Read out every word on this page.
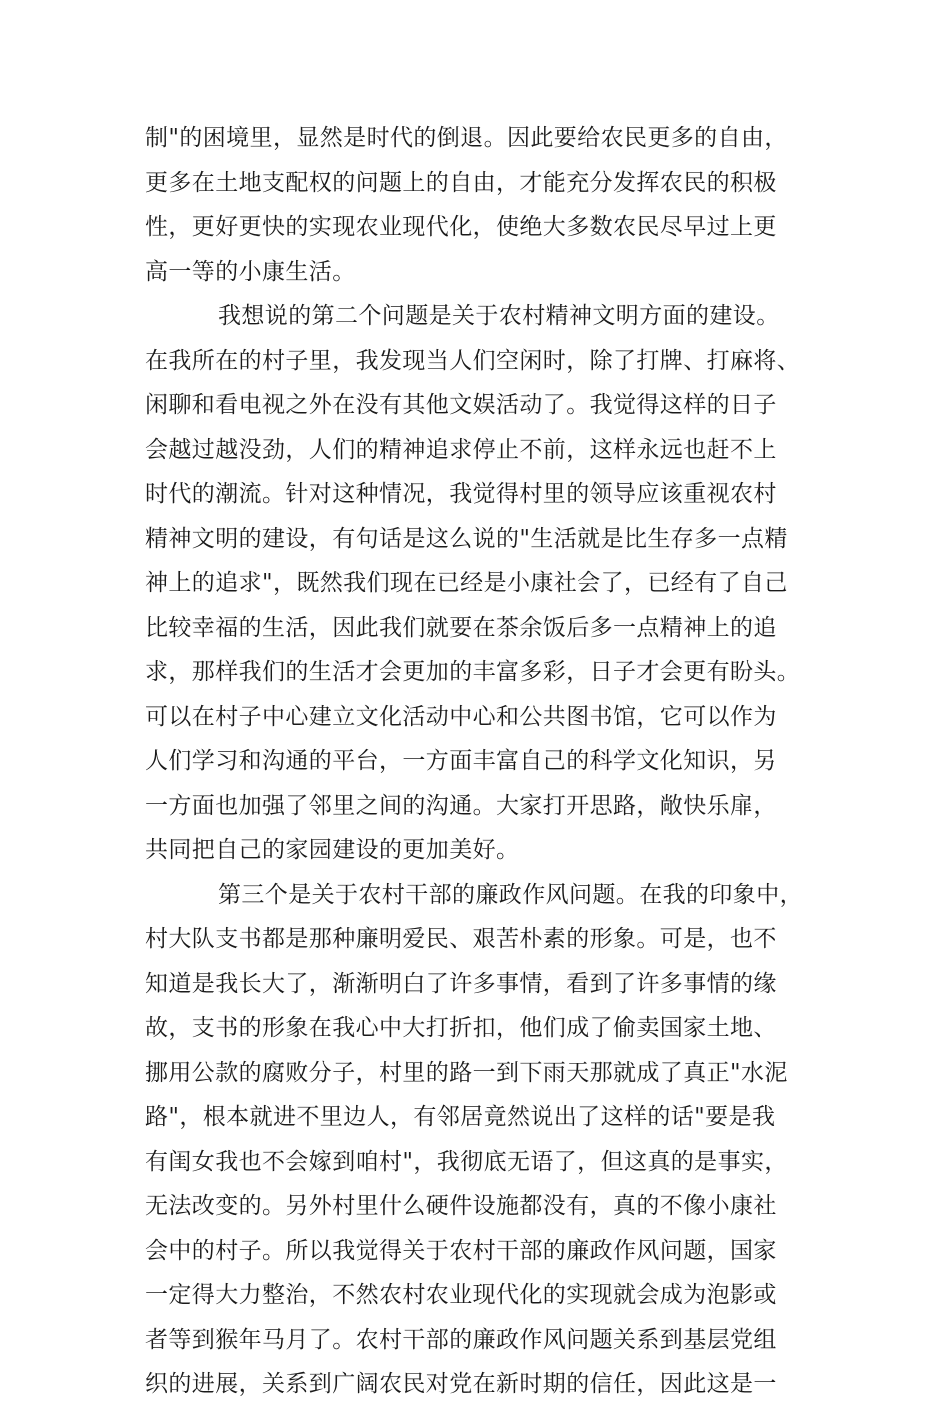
制"的困境里，显然是时代的倒退。因此要给农民更多的自由，
更多在土地支配权的问题上的自由，才能充分发挥农民的积极
性，更好更快的实现农业现代化，使绝大多数农民尽早过上更
高一等的小康生活。
我想说的第二个问题是关于农村精神文明方面的建设。
在我所在的村子里，我发现当人们空闲时，除了打牌、打麻将、
闲聊和看电视之外在没有其他文娱活动了。我觉得这样的日子
会越过越没劲，人们的精神追求停止不前，这样永远也赶不上
时代的潮流。针对这种情况，我觉得村里的领导应该重视农村
精神文明的建设，有句话是这么说的"生活就是比生存多一点精
神上的追求"，既然我们现在已经是小康社会了，已经有了自己
比较幸福的生活，因此我们就要在茶余饭后多一点精神上的追
求，那样我们的生活才会更加的丰富多彩，日子才会更有盼头。
可以在村子中心建立文化活动中心和公共图书馆，它可以作为
人们学习和沟通的平台，一方面丰富自己的科学文化知识，另
一方面也加强了邻里之间的沟通。大家打开思路，敞快乐扉，
共同把自己的家园建设的更加美好。
第三个是关于农村干部的廉政作风问题。在我的印象中，
村大队支书都是那种廉明爱民、艰苦朴素的形象。可是，也不
知道是我长大了，渐渐明白了许多事情，看到了许多事情的缘
故，支书的形象在我心中大打折扣，他们成了偷卖国家土地、
挪用公款的腐败分子，村里的路一到下雨天那就成了真正"水泥
路"，根本就进不里边人，有邻居竟然说出了这样的话"要是我
有闺女我也不会嫁到咱村"，我彻底无语了，但这真的是事实，
无法改变的。另外村里什么硬件设施都没有，真的不像小康社
会中的村子。所以我觉得关于农村干部的廉政作风问题，国家
一定得大力整治，不然农村农业现代化的实现就会成为泡影或
者等到猴年马月了。农村干部的廉政作风问题关系到基层党组
织的进展，关系到广阔农民对党在新时期的信任，因此这是一
